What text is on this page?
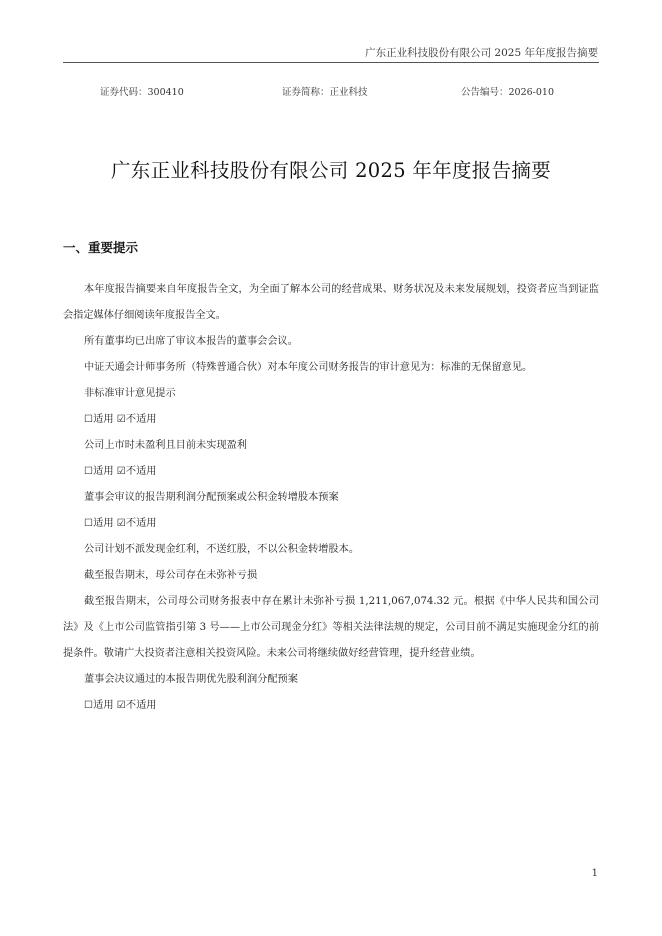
广东正业科技股份有限公司 2025 年年度报告摘要
证券代码：300410	证券简称：正业科技	公告编号：2026-010
广东正业科技股份有限公司 2025 年年度报告摘要
一、重要提示

本年度报告摘要来自年度报告全文，为全面了解本公司的经营成果、财务状况及未来发展规划，投资者应当到证监会指定媒体仔细阅读年度报告全文。

所有董事均已出席了审议本报告的董事会会议。

中证天通会计师事务所（特殊普通合伙）对本年度公司财务报告的审计意见为：标准的无保留意见。

非标准审计意见提示

☐适用 ☑不适用

公司上市时未盈利且目前未实现盈利

☐适用 ☑不适用

董事会审议的报告期利润分配预案或公积金转增股本预案

☐适用 ☑不适用

公司计划不派发现金红利，不送红股，不以公积金转增股本。

截至报告期末，母公司存在未弥补亏损

截至报告期末，公司母公司财务报表中存在累计未弥补亏损 1,211,067,074.32 元。根据《中华人民共和国公司法》及《上市公司监管指引第 3 号——上市公司现金分红》等相关法律法规的规定，公司目前不满足实施现金分红的前提条件。敬请广大投资者注意相关投资风险。未来公司将继续做好经营管理，提升经营业绩。

董事会决议通过的本报告期优先股利润分配预案

☐适用 ☑不适用

1
